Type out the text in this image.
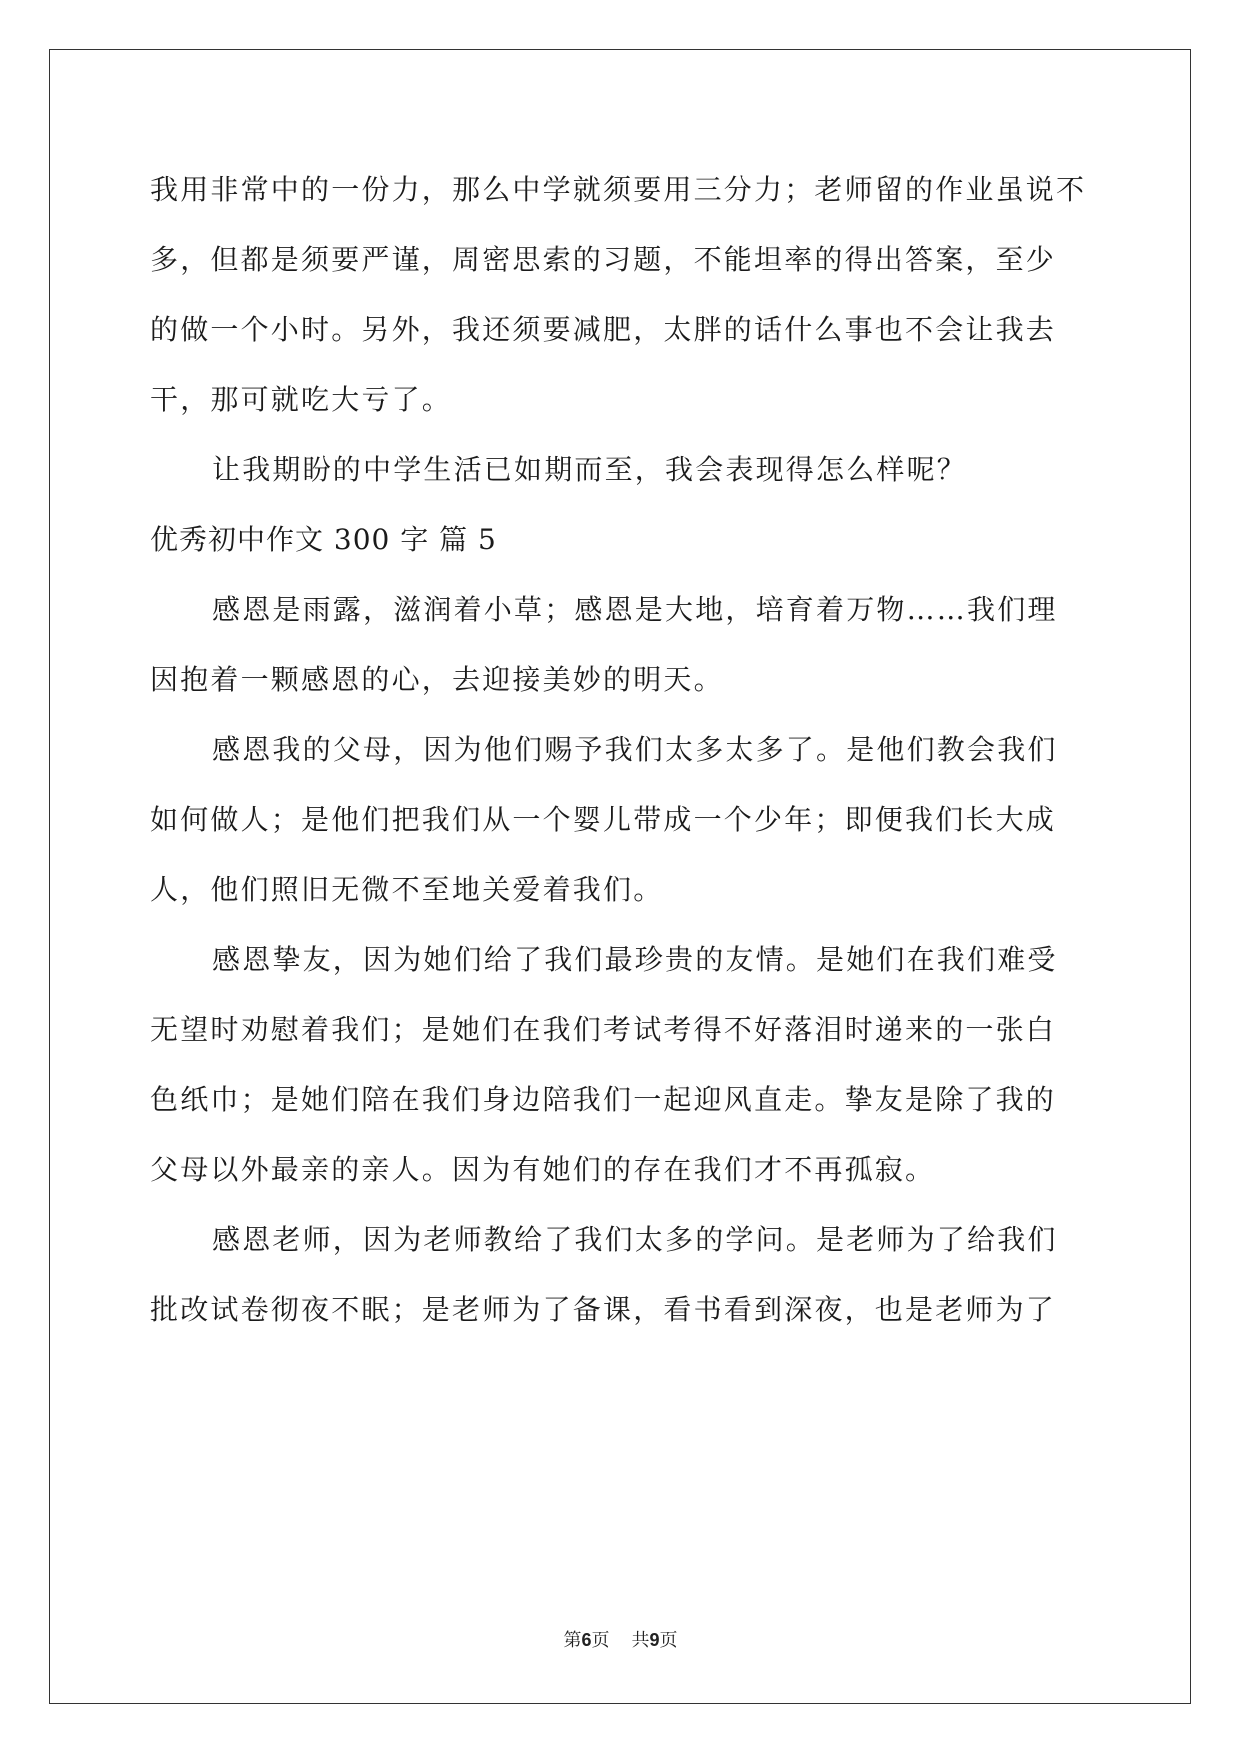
我用非常中的一份力，那么中学就须要用三分力；老师留的作业虽说不
多，但都是须要严谨，周密思索的习题，不能坦率的得出答案，至少
的做一个小时。另外，我还须要减肥，太胖的话什么事也不会让我去
干，那可就吃大亏了。
让我期盼的中学生活已如期而至，我会表现得怎么样呢？
优秀初中作文 300 字 篇 5
感恩是雨露，滋润着小草；感恩是大地，培育着万物……我们理
因抱着一颗感恩的心，去迎接美妙的明天。
感恩我的父母，因为他们赐予我们太多太多了。是他们教会我们
如何做人；是他们把我们从一个婴儿带成一个少年；即便我们长大成
人，他们照旧无微不至地关爱着我们。
感恩挚友，因为她们给了我们最珍贵的友情。是她们在我们难受
无望时劝慰着我们；是她们在我们考试考得不好落泪时递来的一张白
色纸巾；是她们陪在我们身边陪我们一起迎风直走。挚友是除了我的
父母以外最亲的亲人。因为有她们的存在我们才不再孤寂。
感恩老师，因为老师教给了我们太多的学问。是老师为了给我们
批改试卷彻夜不眠；是老师为了备课，看书看到深夜，也是老师为了
第6页 共9页
